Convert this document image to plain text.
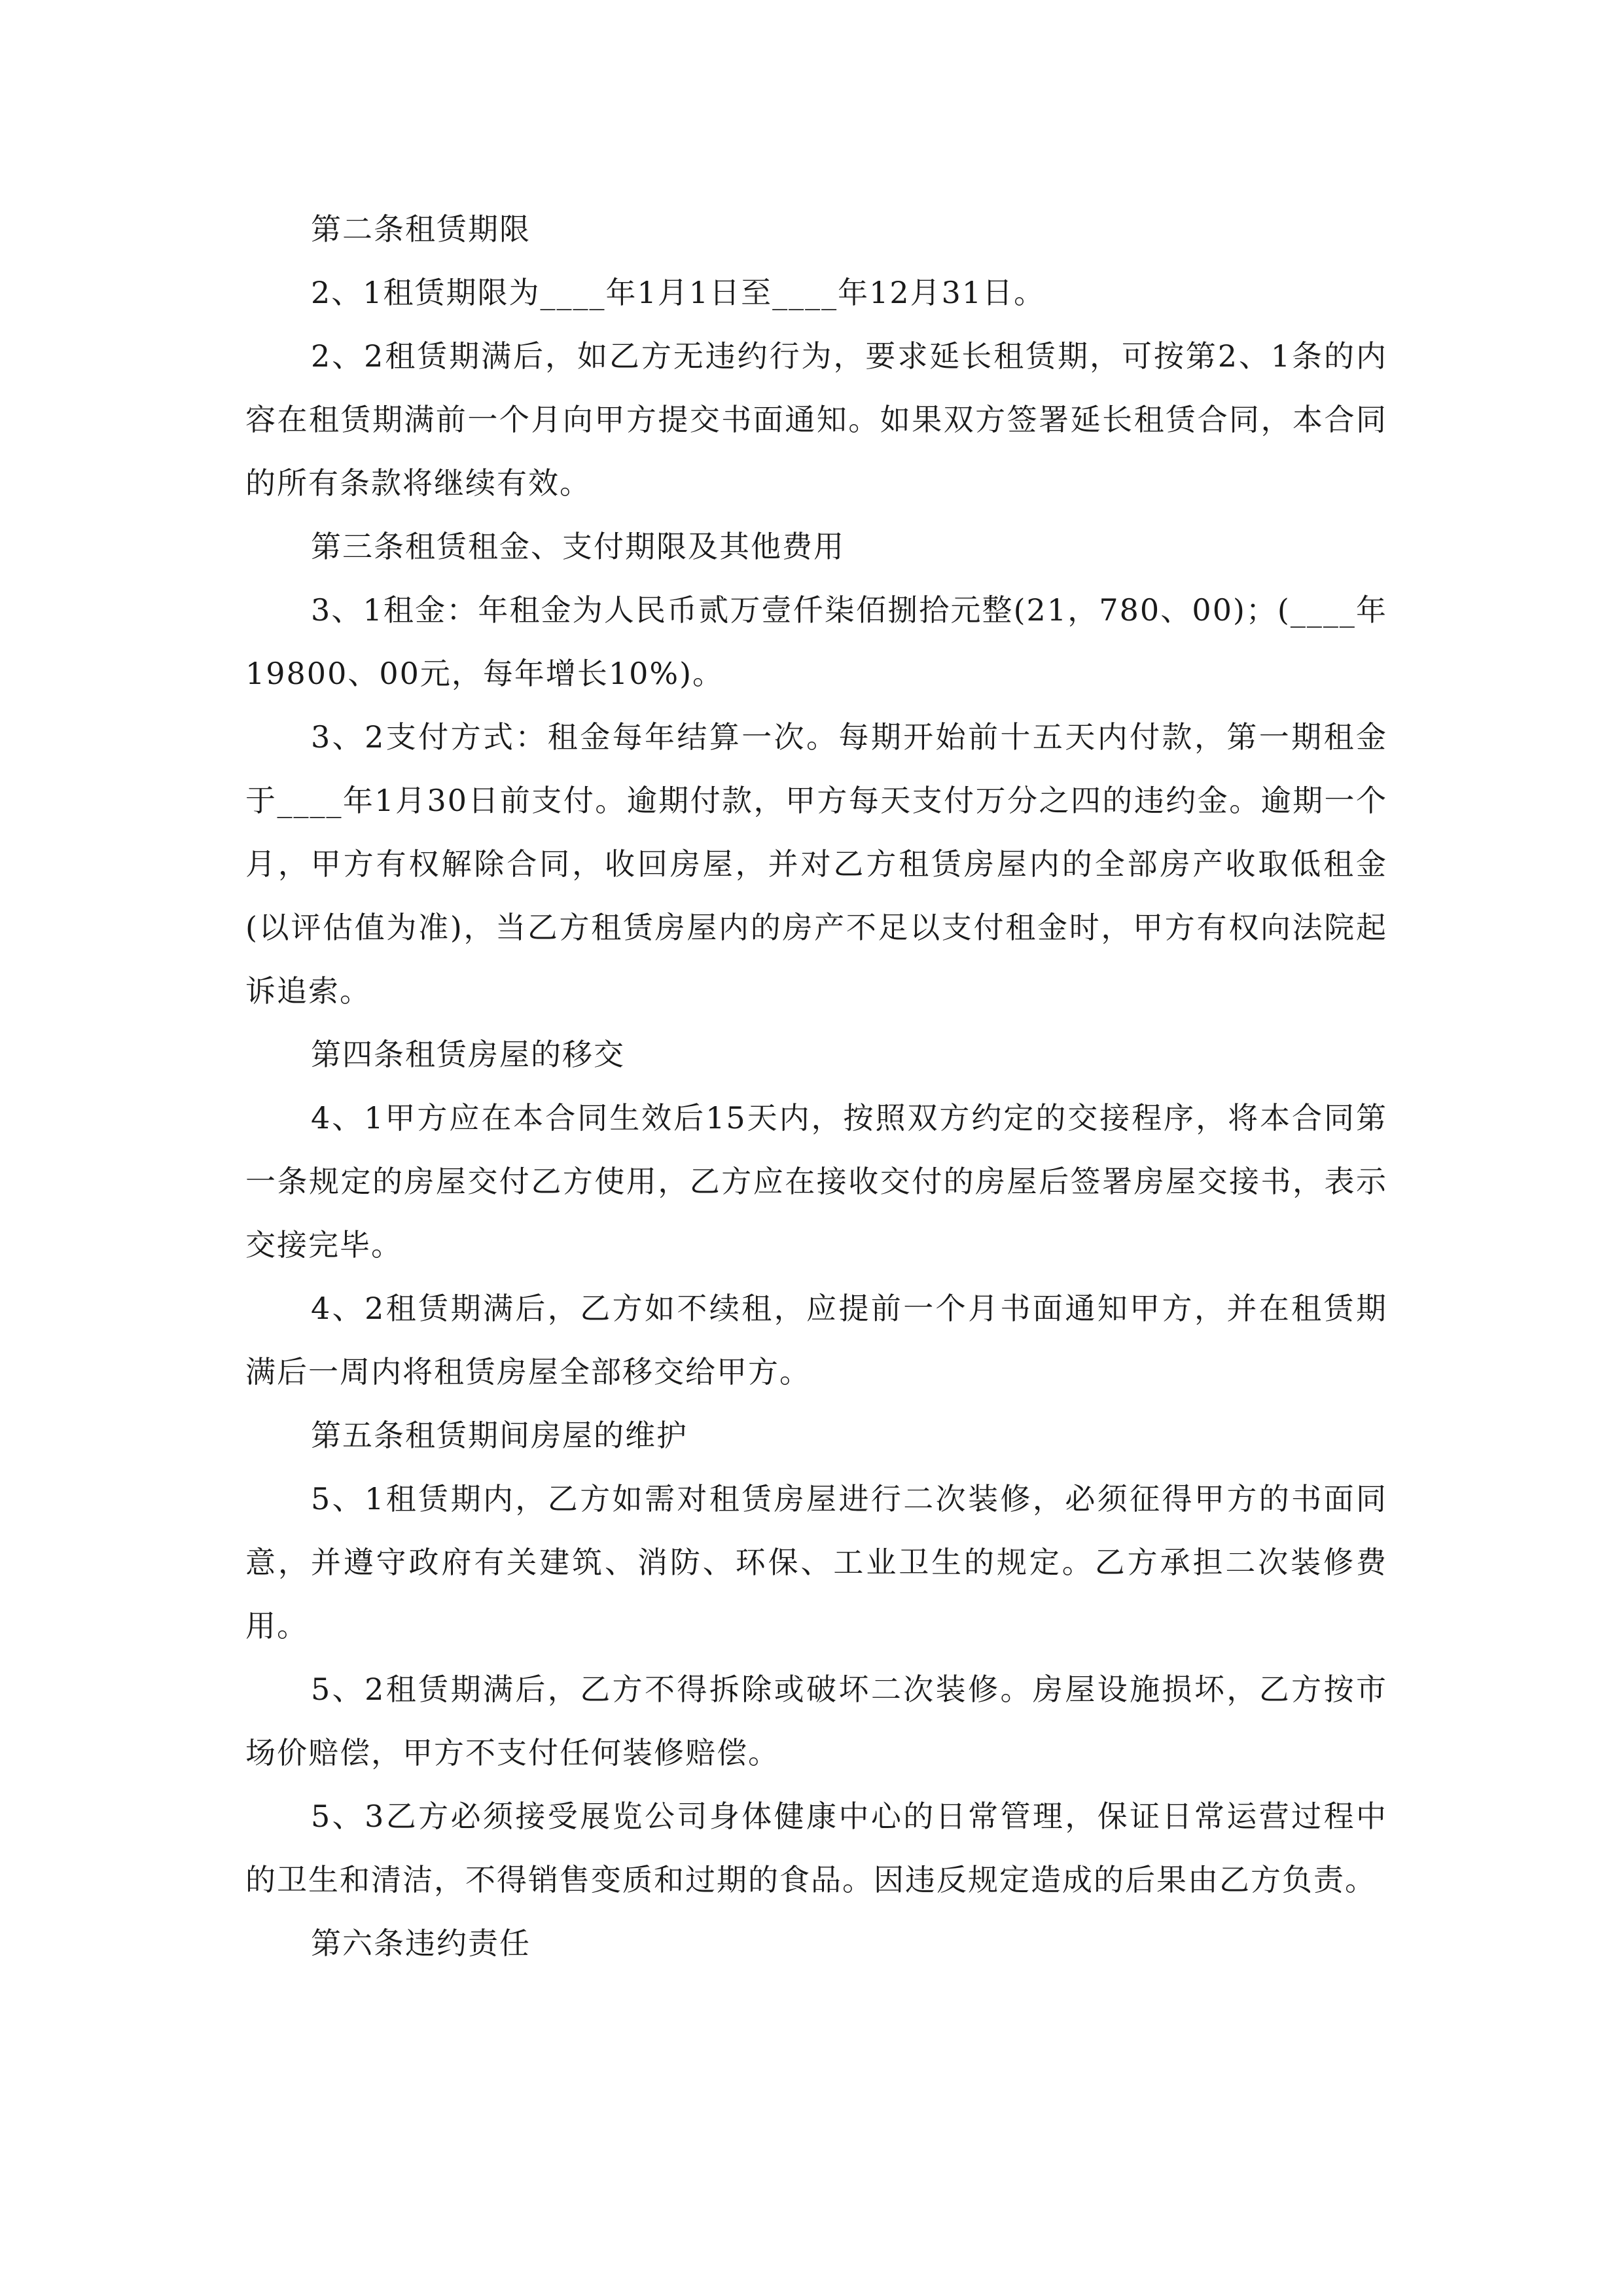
第二条租赁期限

2、1租赁期限为____年1月1日至____年12月31日。

2、2租赁期满后，如乙方无违约行为，要求延长租赁期，可按第2、1条的内容在租赁期满前一个月向甲方提交书面通知。如果双方签署延长租赁合同，本合同的所有条款将继续有效。

第三条租赁租金、支付期限及其他费用

3、1租金：年租金为人民币贰万壹仟柒佰捌拾元整(21，780、00)；(____年19800、00元，每年增长10%)。

3、2支付方式：租金每年结算一次。每期开始前十五天内付款，第一期租金于____年1月30日前支付。逾期付款，甲方每天支付万分之四的违约金。逾期一个月，甲方有权解除合同，收回房屋，并对乙方租赁房屋内的全部房产收取低租金(以评估值为准)，当乙方租赁房屋内的房产不足以支付租金时，甲方有权向法院起诉追索。

第四条租赁房屋的移交

4、1甲方应在本合同生效后15天内，按照双方约定的交接程序，将本合同第一条规定的房屋交付乙方使用，乙方应在接收交付的房屋后签署房屋交接书，表示交接完毕。

4、2租赁期满后，乙方如不续租，应提前一个月书面通知甲方，并在租赁期满后一周内将租赁房屋全部移交给甲方。

第五条租赁期间房屋的维护

5、1租赁期内，乙方如需对租赁房屋进行二次装修，必须征得甲方的书面同意，并遵守政府有关建筑、消防、环保、工业卫生的规定。乙方承担二次装修费用。

5、2租赁期满后，乙方不得拆除或破坏二次装修。房屋设施损坏，乙方按市场价赔偿，甲方不支付任何装修赔偿。

5、3乙方必须接受展览公司身体健康中心的日常管理，保证日常运营过程中的卫生和清洁，不得销售变质和过期的食品。因违反规定造成的后果由乙方负责。

第六条违约责任
